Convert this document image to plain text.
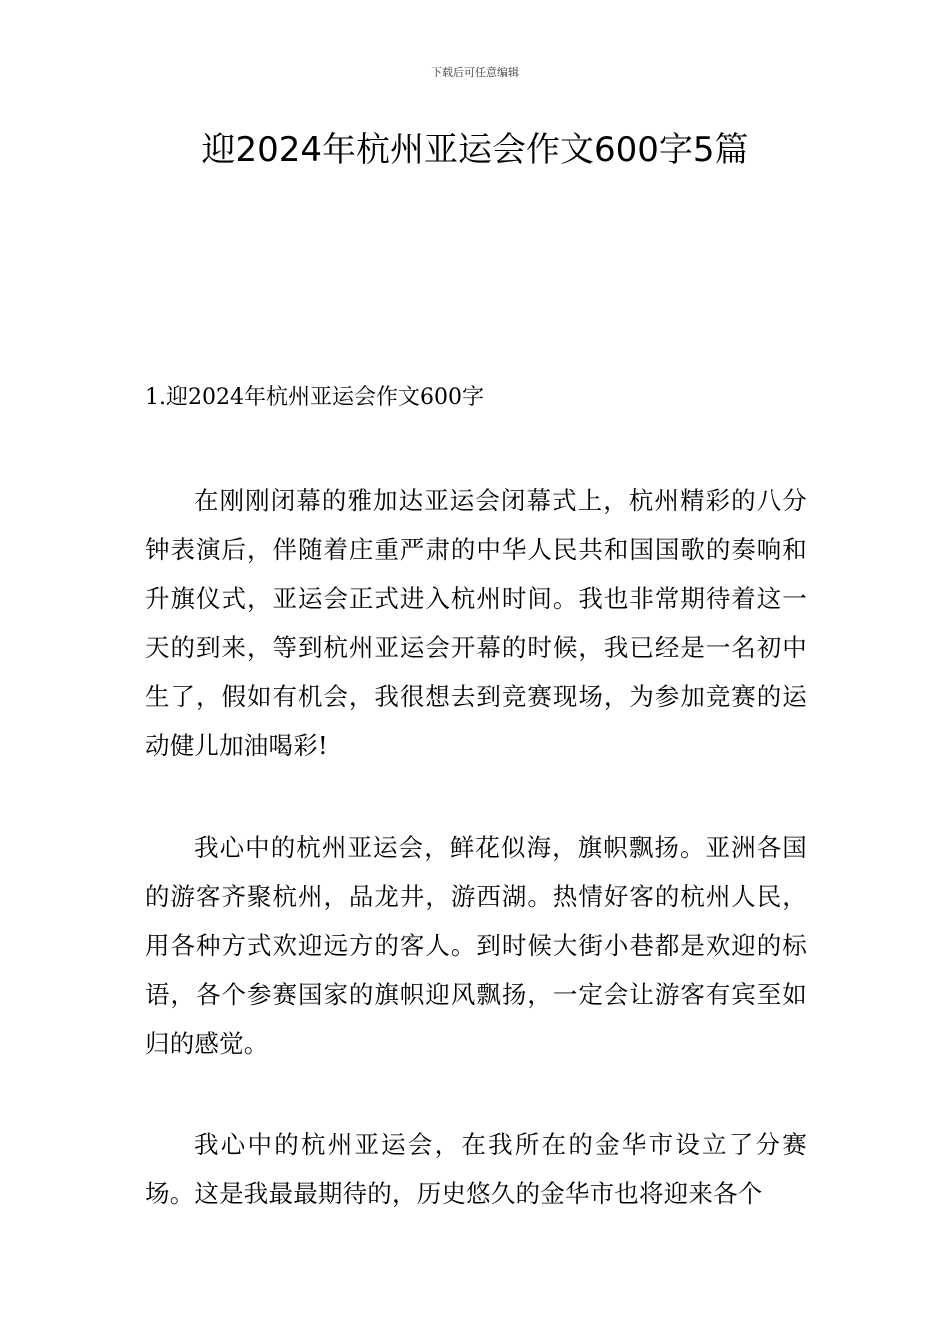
下载后可任意编辑
迎2024年杭州亚运会作文600字5篇
1.迎2024年杭州亚运会作文600字

在刚刚闭幕的雅加达亚运会闭幕式上，杭州精彩的八分钟表演后，伴随着庄重严肃的中华人民共和国国歌的奏响和升旗仪式，亚运会正式进入杭州时间。我也非常期待着这一天的到来，等到杭州亚运会开幕的时候，我已经是一名初中生了，假如有机会，我很想去到竞赛现场，为参加竞赛的运动健儿加油喝彩!

我心中的杭州亚运会，鲜花似海，旗帜飘扬。亚洲各国的游客齐聚杭州，品龙井，游西湖。热情好客的杭州人民，用各种方式欢迎远方的客人。到时候大街小巷都是欢迎的标语，各个参赛国家的旗帜迎风飘扬，一定会让游客有宾至如归的感觉。

我心中的杭州亚运会，在我所在的金华市设立了分赛场。这是我最最期待的，历史悠久的金华市也将迎来各个
